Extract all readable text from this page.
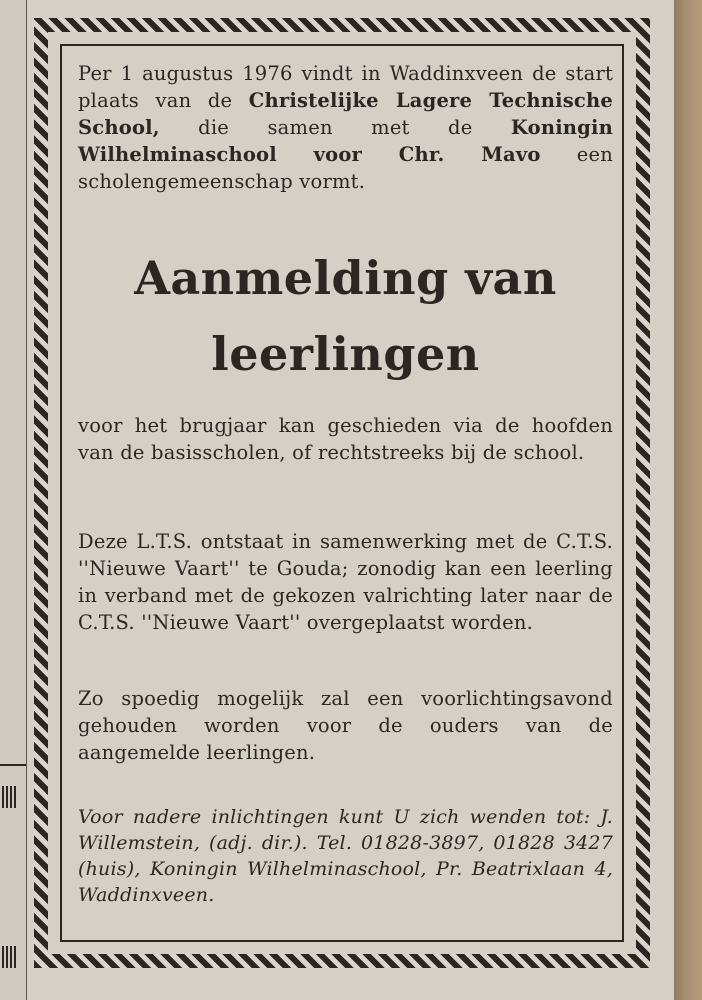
Per 1 augustus 1976 vindt in Waddinxveen de start plaats van de Christelijke Lagere Technische School, die samen met de Koningin Wilhelminaschool voor Chr. Mavo een scholengemeenschap vormt.

Aanmelding van
leerlingen

voor het brugjaar kan geschieden via de hoofden van de basisscholen, of rechtstreeks bij de school.

Deze L.T.S. ontstaat in samenwerking met de C.T.S. ''Nieuwe Vaart'' te Gouda; zonodig kan een leerling in verband met de gekozen valrichting later naar de C.T.S. ''Nieuwe Vaart'' overgeplaatst worden.

Zo spoedig mogelijk zal een voorlichtingsavond gehouden worden voor de ouders van de aangemelde leerlingen.

Voor nadere inlichtingen kunt U zich wenden tot: J. Willemstein, (adj. dir.). Tel. 01828-3897, 01828 3427 (huis), Koningin Wilhelminaschool, Pr. Beatrixlaan 4, Waddinxveen.
